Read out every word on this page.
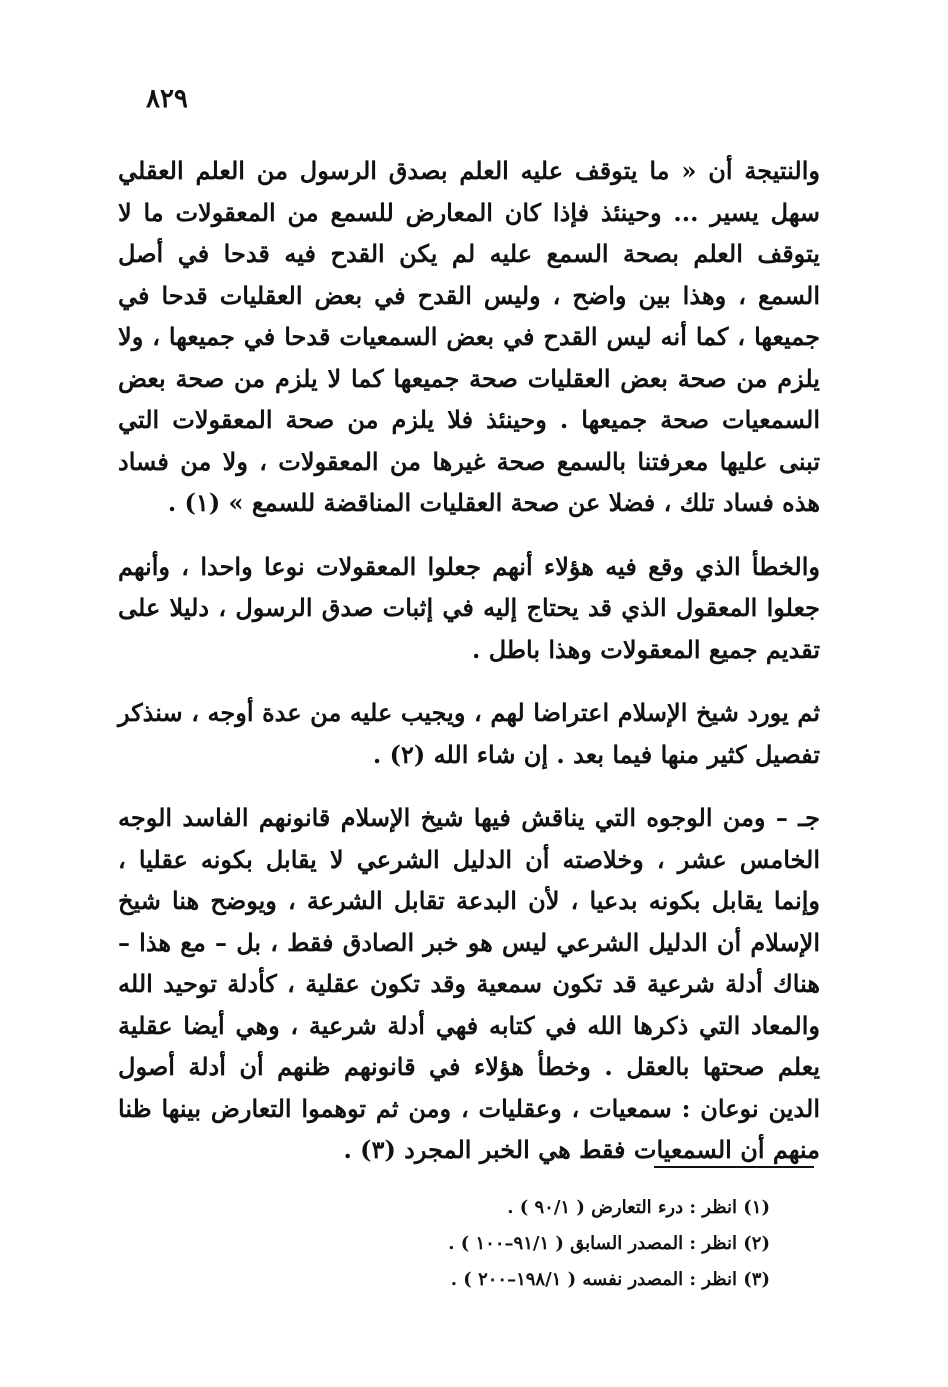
٨٢٩

والنتيجة أن « ما يتوقف عليه العلم بصدق الرسول من العلم العقلي سهل يسير ... وحينئذ فإذا كان المعارض للسمع من المعقولات ما لا يتوقف العلم بصحة السمع عليه لم يكن القدح فيه قدحا في أصل السمع ، وهذا بين واضح ، وليس القدح في بعض العقليات قدحا في جميعها ، كما أنه ليس القدح في بعض السمعيات قدحا في جميعها ، ولا يلزم من صحة بعض العقليات صحة جميعها كما لا يلزم من صحة بعض السمعيات صحة جميعها . وحينئذ فلا يلزم من صحة المعقولات التي تبنى عليها معرفتنا بالسمع صحة غيرها من المعقولات ، ولا من فساد هذه فساد تلك ، فضلا عن صحة العقليات المناقضة للسمع » (١) .

والخطأ الذي وقع فيه هؤلاء أنهم جعلوا المعقولات نوعا واحدا ، وأنهم جعلوا المعقول الذي قد يحتاج إليه في إثبات صدق الرسول ، دليلا على تقديم جميع المعقولات وهذا باطل .

ثم يورد شيخ الإسلام اعتراضا لهم ، ويجيب عليه من عدة أوجه ، سنذكر تفصيل كثير منها فيما بعد . إن شاء الله (٢) .

جـ – ومن الوجوه التي يناقش فيها شيخ الإسلام قانونهم الفاسد الوجه الخامس عشر ، وخلاصته أن الدليل الشرعي لا يقابل بكونه عقليا ، وإنما يقابل بكونه بدعيا ، لأن البدعة تقابل الشرعة ، ويوضح هنا شيخ الإسلام أن الدليل الشرعي ليس هو خبر الصادق فقط ، بل – مع هذا – هناك أدلة شرعية قد تكون سمعية وقد تكون عقلية ، كأدلة توحيد الله والمعاد التي ذكرها الله في كتابه فهي أدلة شرعية ، وهي أيضا عقلية يعلم صحتها بالعقل . وخطأ هؤلاء في قانونهم ظنهم أن أدلة أصول الدين نوعان : سمعيات ، وعقليات ، ومن ثم توهموا التعارض بينها ظنا منهم أن السمعيات فقط هي الخبر المجرد (٣) .

(١) انظر : درء التعارض ( ٩٠/١ ) .

(٢) انظر : المصدر السابق ( ٩١/١–١٠٠ ) .

(٣) انظر : المصدر نفسه ( ١٩٨/١–٢٠٠ ) .
